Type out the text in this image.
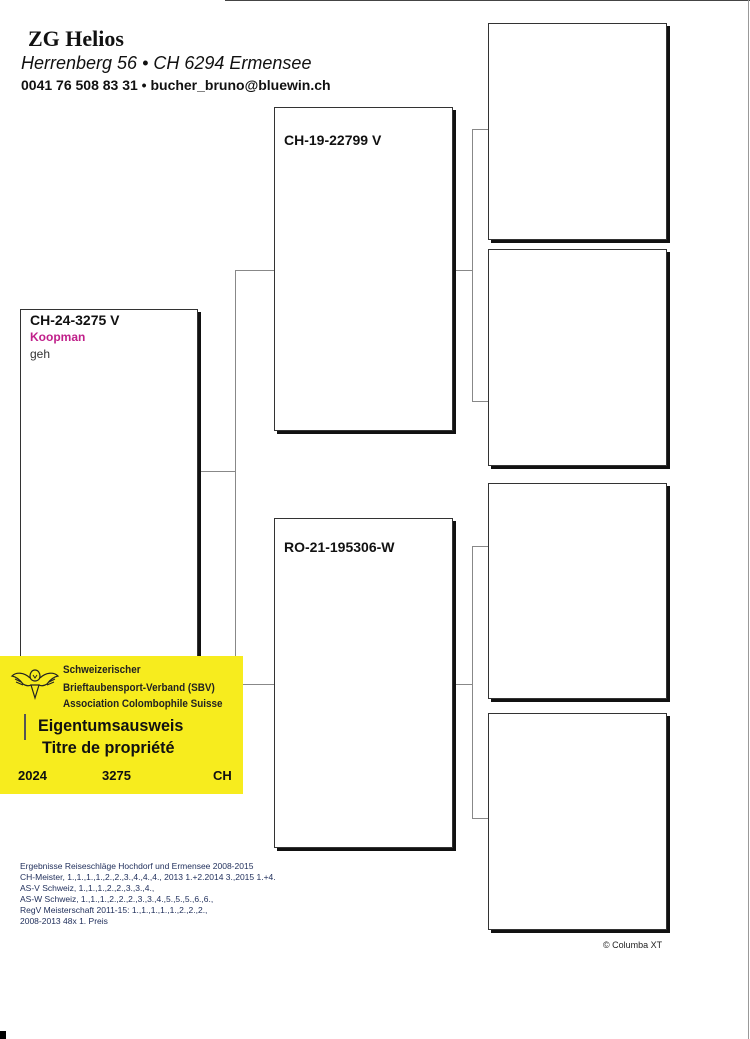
ZG Helios
Herrenberg 56 • CH 6294 Ermensee
0041 76 508 83 31 • bucher_bruno@bluewin.ch
CH-24-3275 V
Koopman
geh
CH-19-22799 V
RO-21-195306-W
Schweizerischer
Brieftaubensport-Verband (SBV)
Association Colombophile Suisse
Eigentumsausweis
Titre de propriété
2024	3275	CH
Ergebnisse Reiseschläge Hochdorf und Ermensee 2008-2015
CH-Meister, 1.,1.,1.,1.,2.,2.,3.,4.,4.,4., 2013 1.+2.2014 3.,2015 1.+4.
AS-V Schweiz, 1.,1.,1.,2.,2.,3.,3.,4.,
AS-W Schweiz, 1.,1.,1.,2.,2.,2.,3.,3.,4.,5.,5.,5.,6.,6.,
RegV Meisterschaft 2011-15: 1.,1.,1.,1.,1.,2.,2.,2.,
2008-2013 48x 1. Preis
© Columba XT
